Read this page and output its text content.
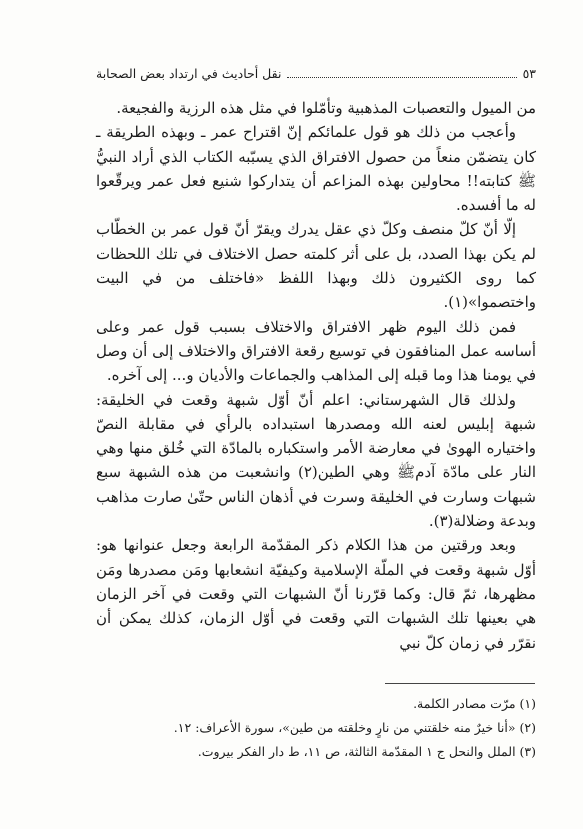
نقل أحاديث في ارتداد بعض الصحابة	٥٣

من الميول والتعصبات المذهبية وتأمّلوا في مثل هذه الرزية والفجيعة.

وأعجب من ذلك هو قول علمائكم إنّ اقتراح عمر ـ وبهذه الطريقة ـ كان يتضمّن منعاً من حصول الافتراق الذي يسبّبه الكتاب الذي أراد النبيُّ ﷺ كتابته!! محاولين بهذه المزاعم أن يتداركوا شنيع فعل عمر ويرقّعوا له ما أفسده.

إلّا أنّ كلّ منصف وكلّ ذي عقل يدرك ويقرّ أنّ قول عمر بن الخطّاب لم يكن بهذا الصدد، بل على أثر كلمته حصل الاختلاف في تلك اللحظات كما روى الكثيرون ذلك وبهذا اللفظ «فاختلف من في البيت واختصموا»(١).

فمن ذلك اليوم ظهر الافتراق والاختلاف بسبب قول عمر وعلى أساسه عمل المنافقون في توسيع رقعة الافتراق والاختلاف إلى أن وصل في يومنا هذا وما قبله إلى المذاهب والجماعات والأديان و... إلى آخره.

ولذلك قال الشهرستاني: اعلم أنّ أوّل شبهة وقعت في الخليقة: شبهة إبليس لعنه الله ومصدرها استبداده بالرأي في مقابلة النصّ واختياره الهوىٰ في معارضة الأمر واستكباره بالمادّة التي خُلق منها وهي النار على مادّة آدمﷺ وهي الطين(٢) وانشعبت من هذه الشبهة سبع شبهات وسارت في الخليقة وسرت في أذهان الناس حتّىٰ صارت مذاهب وبدعة وضلالة(٣).

وبعد ورقتين من هذا الكلام ذكر المقدّمة الرابعة وجعل عنوانها هو: أوّل شبهة وقعت في الملّة الإسلامية وكيفيّة انشعابها ومَن مصدرها ومَن مظهرها، ثمّ قال: وكما قرّرنا أنّ الشبهات التي وقعت في آخر الزمان هي بعينها تلك الشبهات التي وقعت في أوّل الزمان، كذلك يمكن أن نقرّر في زمان كلّ نبي

(١) مرّت مصادر الكلمة.
(٢) «أنا خيرٌ منه خلقتني من نارٍ وخلقته من طين»، سورة الأعراف: ١٢.
(٣) الملل والنحل ج ١ المقدّمة الثالثة، ص ١١، ط دار الفكر بيروت.
